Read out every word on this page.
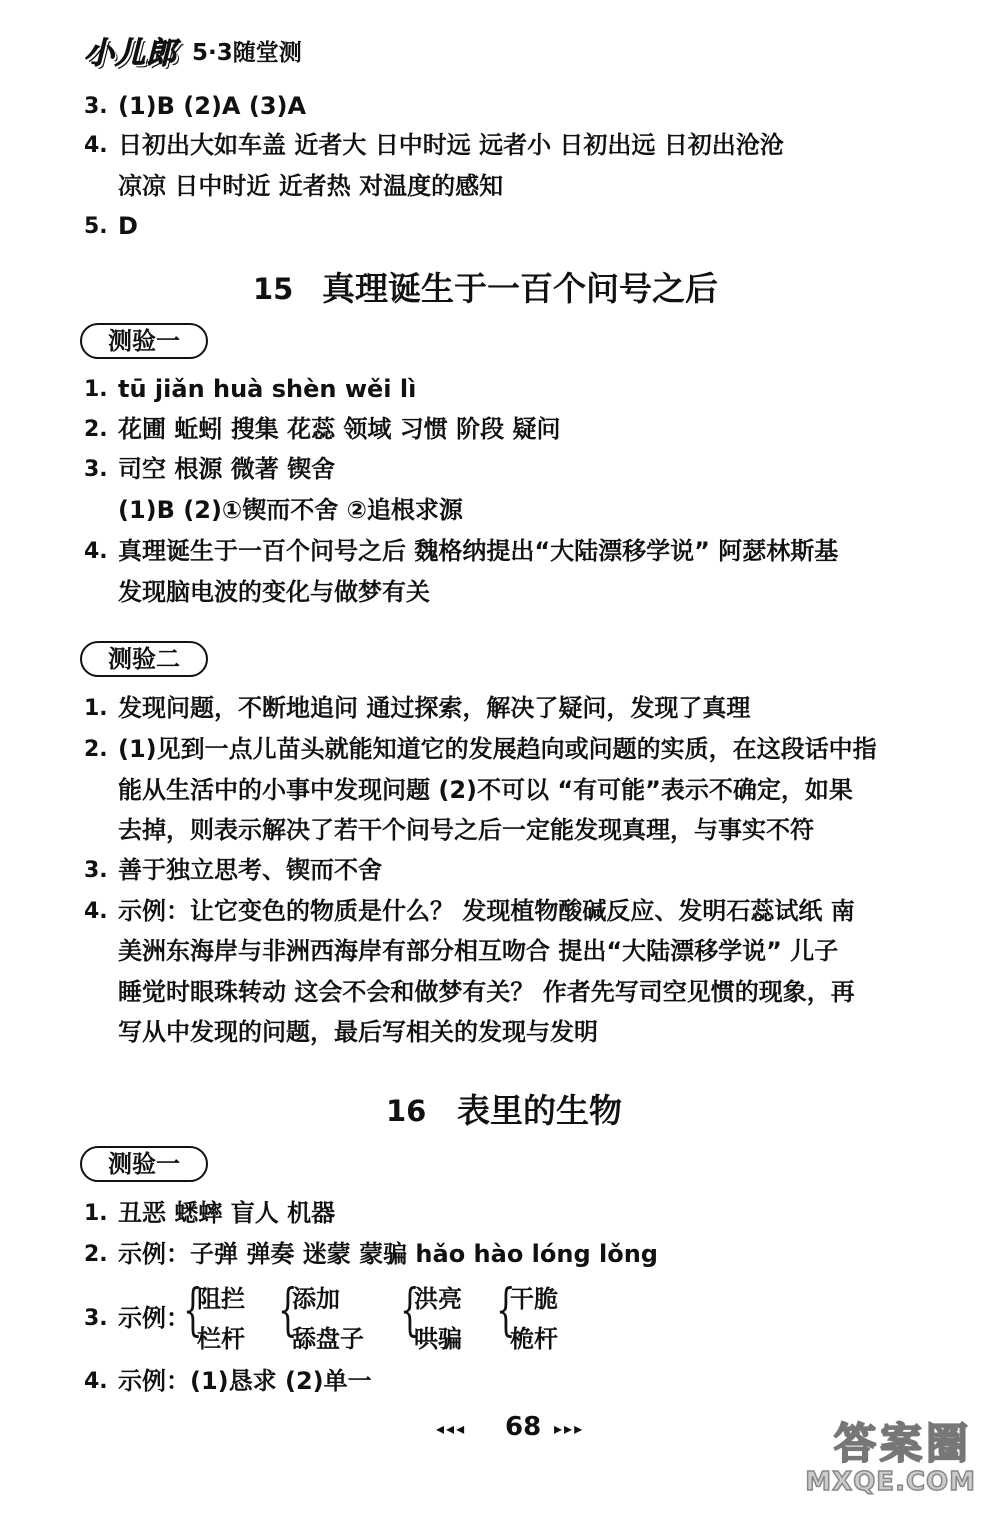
小儿郎 5·3随堂测
3. (1)B (2)A (3)A
4. 日初出大如车盖 近者大 日中时远 远者小 日初出远 日初出沧沧
凉凉 日中时近 近者热 对温度的感知
5. D
15 真理诞生于一百个问号之后
测验一
1. tū jiǎn huà shèn wěi lì
2. 花圃 蚯蚓 搜集 花蕊 领域 习惯 阶段 疑问
3. 司空 根源 微著 锲舍
(1)B (2)①锲而不舍 ②追根求源
4. 真理诞生于一百个问号之后 魏格纳提出“大陆漂移学说” 阿瑟林斯基
发现脑电波的变化与做梦有关
测验二
1. 发现问题，不断地追问 通过探索，解决了疑问，发现了真理
2. (1)见到一点儿苗头就能知道它的发展趋向或问题的实质，在这段话中指
能从生活中的小事中发现问题 (2)不可以 “有可能”表示不确定，如果
去掉，则表示解决了若干个问号之后一定能发现真理，与事实不符
3. 善于独立思考、锲而不舍
4. 示例：让它变色的物质是什么？ 发现植物酸碱反应、发明石蕊试纸 南
美洲东海岸与非洲西海岸有部分相互吻合 提出“大陆漂移学说” 儿子
睡觉时眼珠转动 这会不会和做梦有关？ 作者先写司空见惯的现象，再
写从中发现的问题，最后写相关的发现与发明
16 表里的生物
测验一
1. 丑恶 蟋蟀 盲人 机器
2. 示例：子弹 弹奏 迷蒙 蒙骗 hǎo hào lóng lǒng
3. 示例：
{
阻拦
栏杆 {
添加
舔盘子 {
洪亮
哄骗 {
干脆
桅杆
4. 示例：(1)恳求 (2)单一
◂◂◂ 68 ▸▸▸	答案圈
MXQE.COM
